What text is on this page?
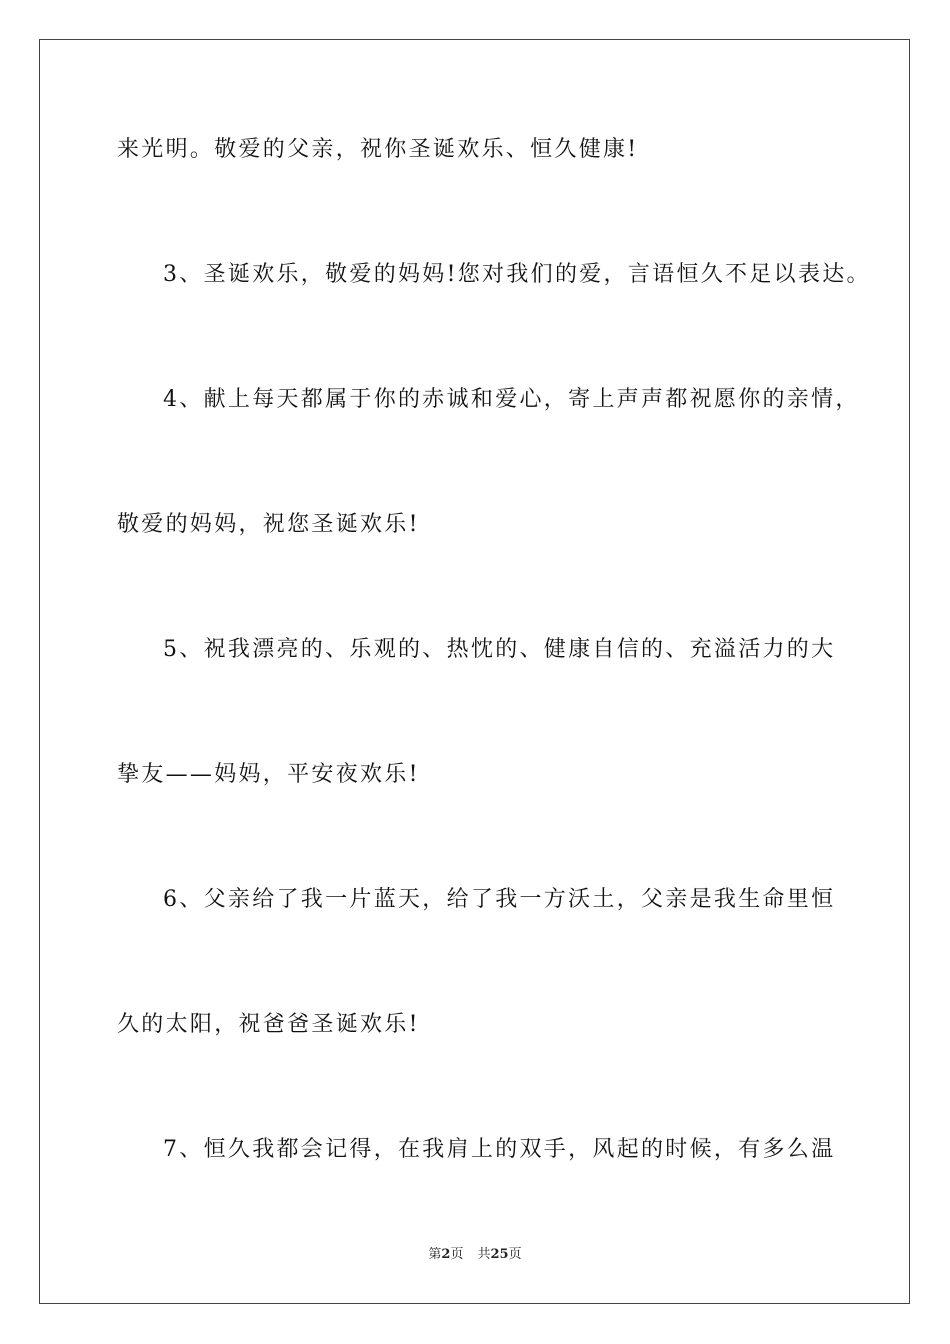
来光明。敬爱的父亲，祝你圣诞欢乐、恒久健康!
3、圣诞欢乐，敬爱的妈妈!您对我们的爱，言语恒久不足以表达。
4、献上每天都属于你的赤诚和爱心，寄上声声都祝愿你的亲情，
敬爱的妈妈，祝您圣诞欢乐!
5、祝我漂亮的、乐观的、热忱的、健康自信的、充溢活力的大
挚友——妈妈，平安夜欢乐!
6、父亲给了我一片蓝天，给了我一方沃土，父亲是我生命里恒
久的太阳，祝爸爸圣诞欢乐!
7、恒久我都会记得，在我肩上的双手，风起的时候，有多么温
第2页 共25页
